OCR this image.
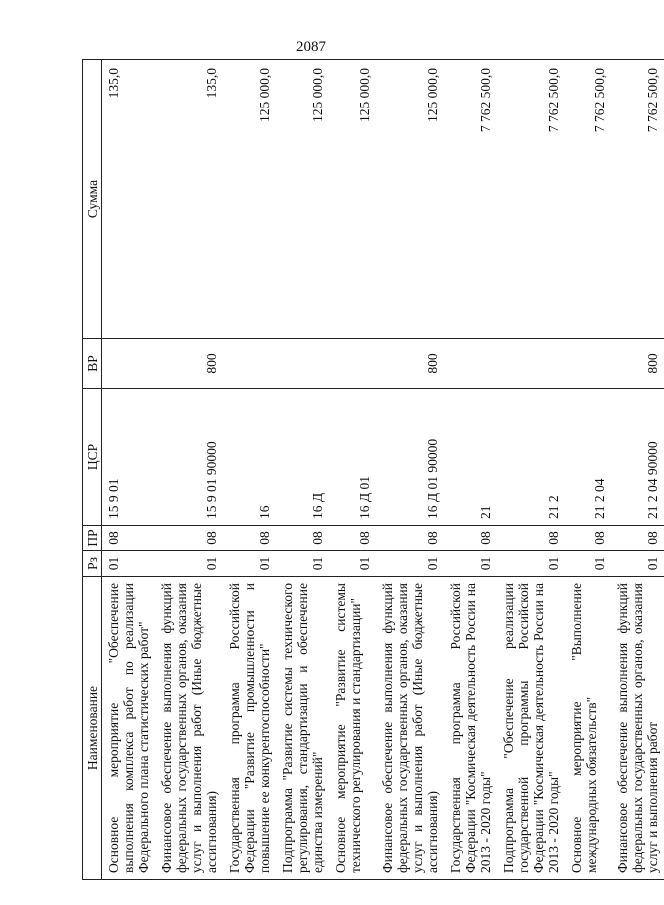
2087
Наименование	Рз	ПР	ЦСР	ВР	Сумма
Основное мероприятие "Обеспечение выполнения комплекса работ по реализации Федерального плана статистических работ"	01	08	15 9 01		135,0
Финансовое обеспечение выполнения функций федеральных государственных органов, оказания услуг и выполнения работ (Иные бюджетные ассигнования)	01	08	15 9 01 90000	800	135,0
Государственная программа Российской Федерации "Развитие промышленности и повышение ее конкурентоспособности"	01	08	16		125 000,0
Подпрограмма "Развитие системы технического регулирования, стандартизации и обеспечение единства измерений"	01	08	16 Д		125 000,0
Основное мероприятие "Развитие системы технического регулирования и стандартизации"	01	08	16 Д 01		125 000,0
Финансовое обеспечение выполнения функций федеральных государственных органов, оказания услуг и выполнения работ (Иные бюджетные ассигнования)	01	08	16 Д 01 90000	800	125 000,0
Государственная программа Российской Федерации "Космическая деятельность России на 2013 - 2020 годы"	01	08	21		7 762 500,0
Подпрограмма "Обеспечение реализации государственной программы Российской Федерации "Космическая деятельность России на 2013 - 2020 годы"	01	08	21 2		7 762 500,0
Основное мероприятие "Выполнение международных обязательств"	01	08	21 2 04		7 762 500,0
Финансовое обеспечение выполнения функций федеральных государственных органов, оказания услуг и выполнения работ	01	08	21 2 04 90000	800	7 762 500,0
